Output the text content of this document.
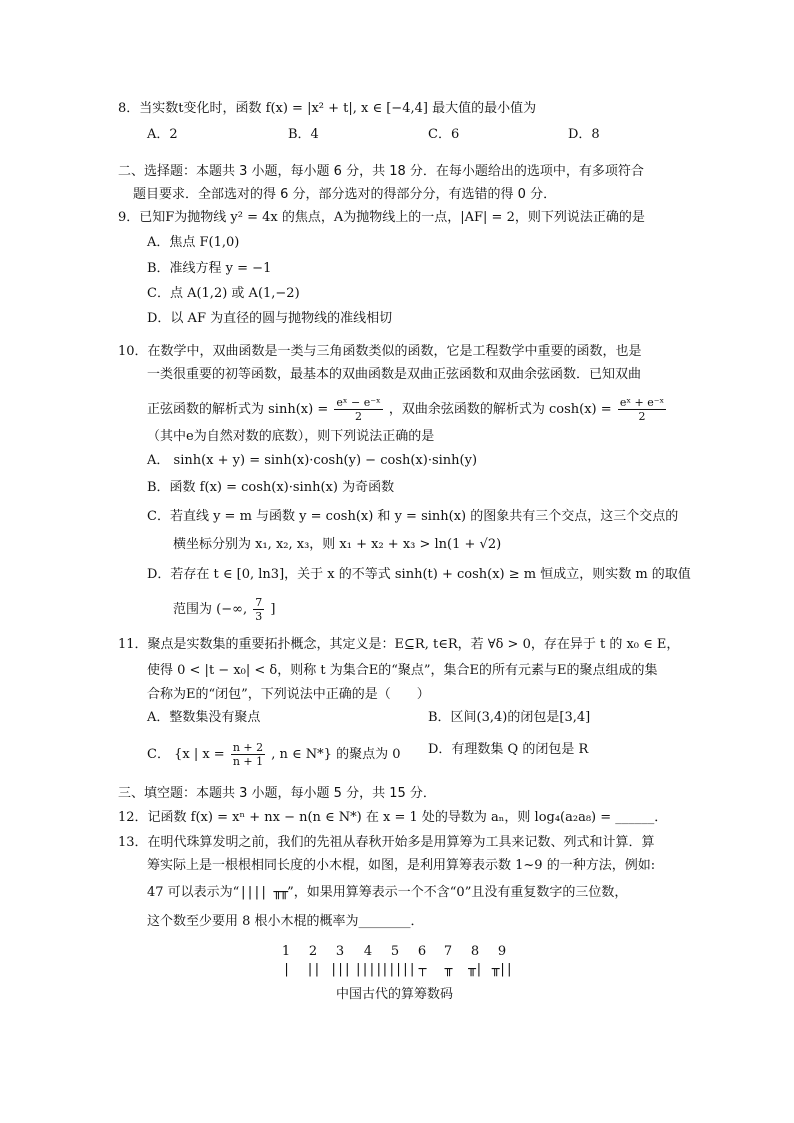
8．当实数t变化时，函数 f(x) = |x² + t|, x ∈ [−4,4] 最大值的最小值为
A．2	B．4	C．6	D．8
二、选择题：本题共 3 小题，每小题 6 分，共 18 分．在每小题给出的选项中，有多项符合
题目要求．全部选对的得 6 分，部分选对的得部分分，有选错的得 0 分．
9．已知F为抛物线 y² = 4x 的焦点，A为抛物线上的一点，|AF| = 2，则下列说法正确的是
A．焦点 F(1,0)
B．准线方程 y = −1
C．点 A(1,2) 或 A(1,−2)
D．以 AF 为直径的圆与抛物线的准线相切
10．在数学中，双曲函数是一类与三角函数类似的函数，它是工程数学中重要的函数，也是
一类很重要的初等函数，最基本的双曲函数是双曲正弦函数和双曲余弦函数．已知双曲
正弦函数的解析式为 $\sinh(x) = \frac{\text{eˣ − e⁻ˣ}}{2}$ ，双曲余弦函数的解析式为 $\cosh(x) = \frac{\text{eˣ + e⁻ˣ}}{2}$
（其中e为自然对数的底数），则下列说法正确的是
A． sinh(x + y) = sinh(x)·cosh(y) − cosh(x)·sinh(y)
B．函数 f(x) = cosh(x)·sinh(x) 为奇函数
C．若直线 y = m 与函数 y = cosh(x) 和 y = sinh(x) 的图象共有三个交点，这三个交点的
横坐标分别为 x₁, x₂, x₃，则 x₁ + x₂ + x₃ > ln(1 + √2)
D．若存在 t ∈ [0, ln3]，关于 x 的不等式 sinh(t) + cosh(x) ≥ m 恒成立，则实数 m 的取值
范围为 (−∞, $\frac{7}{3}$ ]
11．聚点是实数集的重要拓扑概念，其定义是：E⊆R, t∈R，若 ∀δ > 0，存在异于 t 的 x₀ ∈ E，
使得 0 < |t − x₀| < δ，则称 t 为集合E的“聚点”，集合E的所有元素与E的聚点组成的集
合称为E的“闭包”，下列说法中正确的是（　　）
A．整数集没有聚点	B．区间(3,4)的闭包是[3,4]
C． {x | $x = \frac{n + 2}{n + 1}$ , n ∈ N*} 的聚点为 0 D．有理数集 Q 的闭包是 R
三、填空题：本题共 3 小题，每小题 5 分，共 15 分．
12．记函数 f(x) = xⁿ + nx − n(n ∈ N*) 在 x = 1 处的导数为 aₙ，则 log₄(a₂a₈) = ______．
13．在明代珠算发明之前，我们的先祖从春秋开始多是用算筹为工具来记数、列式和计算．算
筹实际上是一根根相同长度的小木棍，如图，是利用算筹表示数 1~9 的一种方法，例如:
47 可以表示为“|||| ╥╥”，如果用算筹表示一个不含“0”且没有重复数字的三位数，
这个数至少要用 8 根小木棍的概率为________．
1	2	3	4	5	6	7	8	9
|	|| ||| |||| ||||| ┬	╥	╥| ╥||
中国古代的算筹数码
